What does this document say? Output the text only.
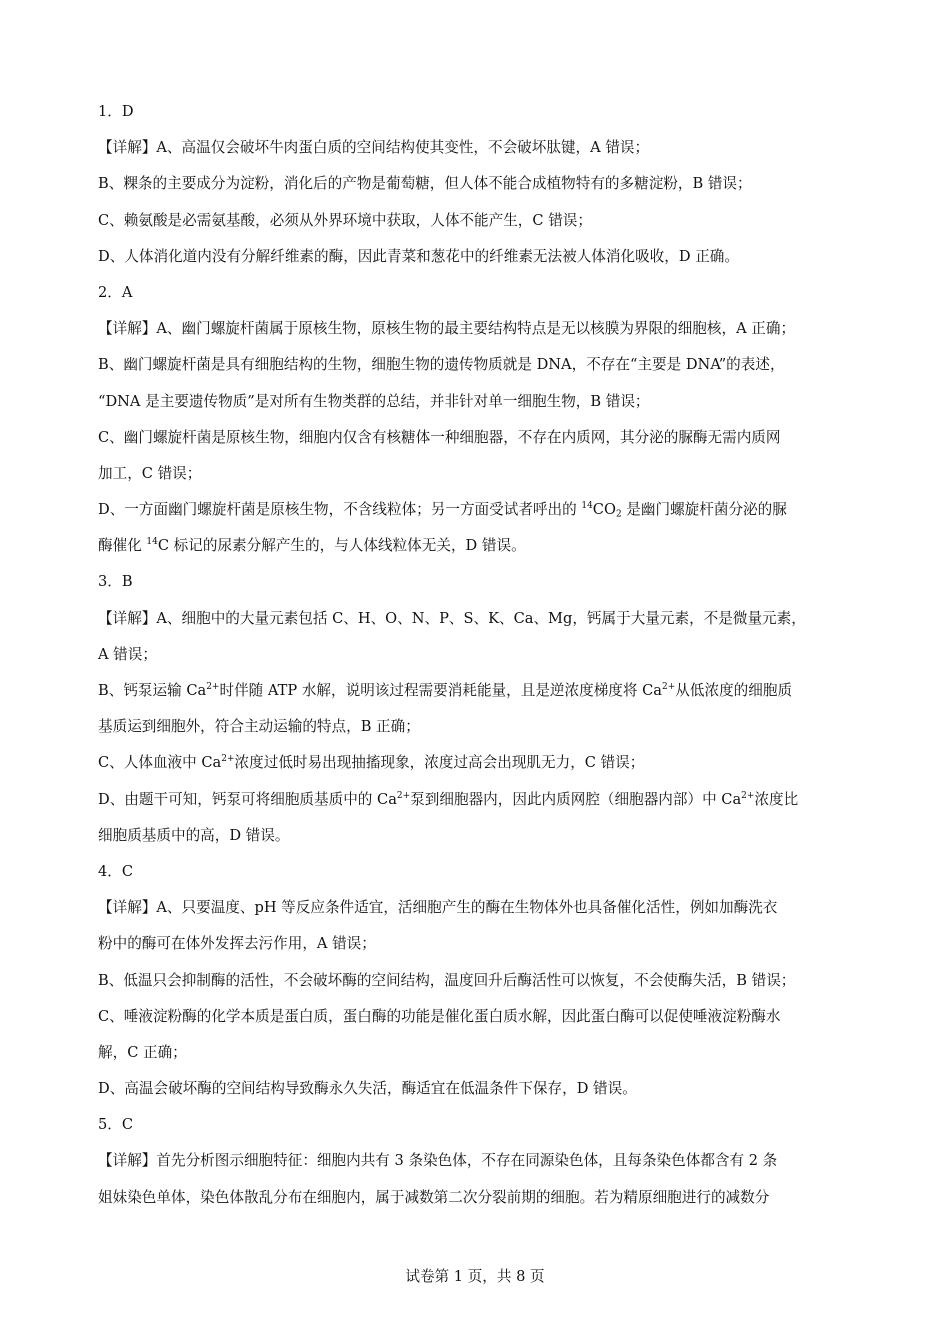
1．D
【详解】A、高温仅会破坏牛肉蛋白质的空间结构使其变性，不会破坏肽键，A 错误；
B、粿条的主要成分为淀粉，消化后的产物是葡萄糖，但人体不能合成植物特有的多糖淀粉，B 错误；
C、赖氨酸是必需氨基酸，必须从外界环境中获取，人体不能产生，C 错误；
D、人体消化道内没有分解纤维素的酶，因此青菜和葱花中的纤维素无法被人体消化吸收，D 正确。
2．A
【详解】A、幽门螺旋杆菌属于原核生物，原核生物的最主要结构特点是无以核膜为界限的细胞核，A 正确；
B、幽门螺旋杆菌是具有细胞结构的生物，细胞生物的遗传物质就是 DNA，不存在“主要是 DNA”的表述，
“DNA 是主要遗传物质”是对所有生物类群的总结，并非针对单一细胞生物，B 错误；
C、幽门螺旋杆菌是原核生物，细胞内仅含有核糖体一种细胞器，不存在内质网，其分泌的脲酶无需内质网
加工，C 错误；
D、一方面幽门螺旋杆菌是原核生物，不含线粒体；另一方面受试者呼出的 $^{14}CO_2$ 是幽门螺旋杆菌分泌的脲
酶催化 $^{14}$C 标记的尿素分解产生的，与人体线粒体无关，D 错误。
3．B
【详解】A、细胞中的大量元素包括 C、H、O、N、P、S、K、Ca、Mg，钙属于大量元素，不是微量元素，
A 错误；
B、钙泵运输 $Ca^{2+}$时伴随 ATP 水解，说明该过程需要消耗能量，且是逆浓度梯度将 $Ca^{2+}$从低浓度的细胞质
基质运到细胞外，符合主动运输的特点，B 正确；
C、人体血液中 $Ca^{2+}$浓度过低时易出现抽搐现象，浓度过高会出现肌无力，C 错误；
D、由题干可知，钙泵可将细胞质基质中的 $Ca^{2+}$泵到细胞器内，因此内质网腔（细胞器内部）中 $Ca^{2+}$浓度比
细胞质基质中的高，D 错误。
4．C
【详解】A、只要温度、pH 等反应条件适宜，活细胞产生的酶在生物体外也具备催化活性，例如加酶洗衣
粉中的酶可在体外发挥去污作用，A 错误；
B、低温只会抑制酶的活性，不会破坏酶的空间结构，温度回升后酶活性可以恢复，不会使酶失活，B 错误；
C、唾液淀粉酶的化学本质是蛋白质，蛋白酶的功能是催化蛋白质水解，因此蛋白酶可以促使唾液淀粉酶水
解，C 正确；
D、高温会破坏酶的空间结构导致酶永久失活，酶适宜在低温条件下保存，D 错误。
5．C
【详解】首先分析图示细胞特征：细胞内共有 3 条染色体，不存在同源染色体，且每条染色体都含有 2 条
姐妹染色单体，染色体散乱分布在细胞内，属于减数第二次分裂前期的细胞。若为精原细胞进行的减数分
试卷第 1 页，共 8 页
